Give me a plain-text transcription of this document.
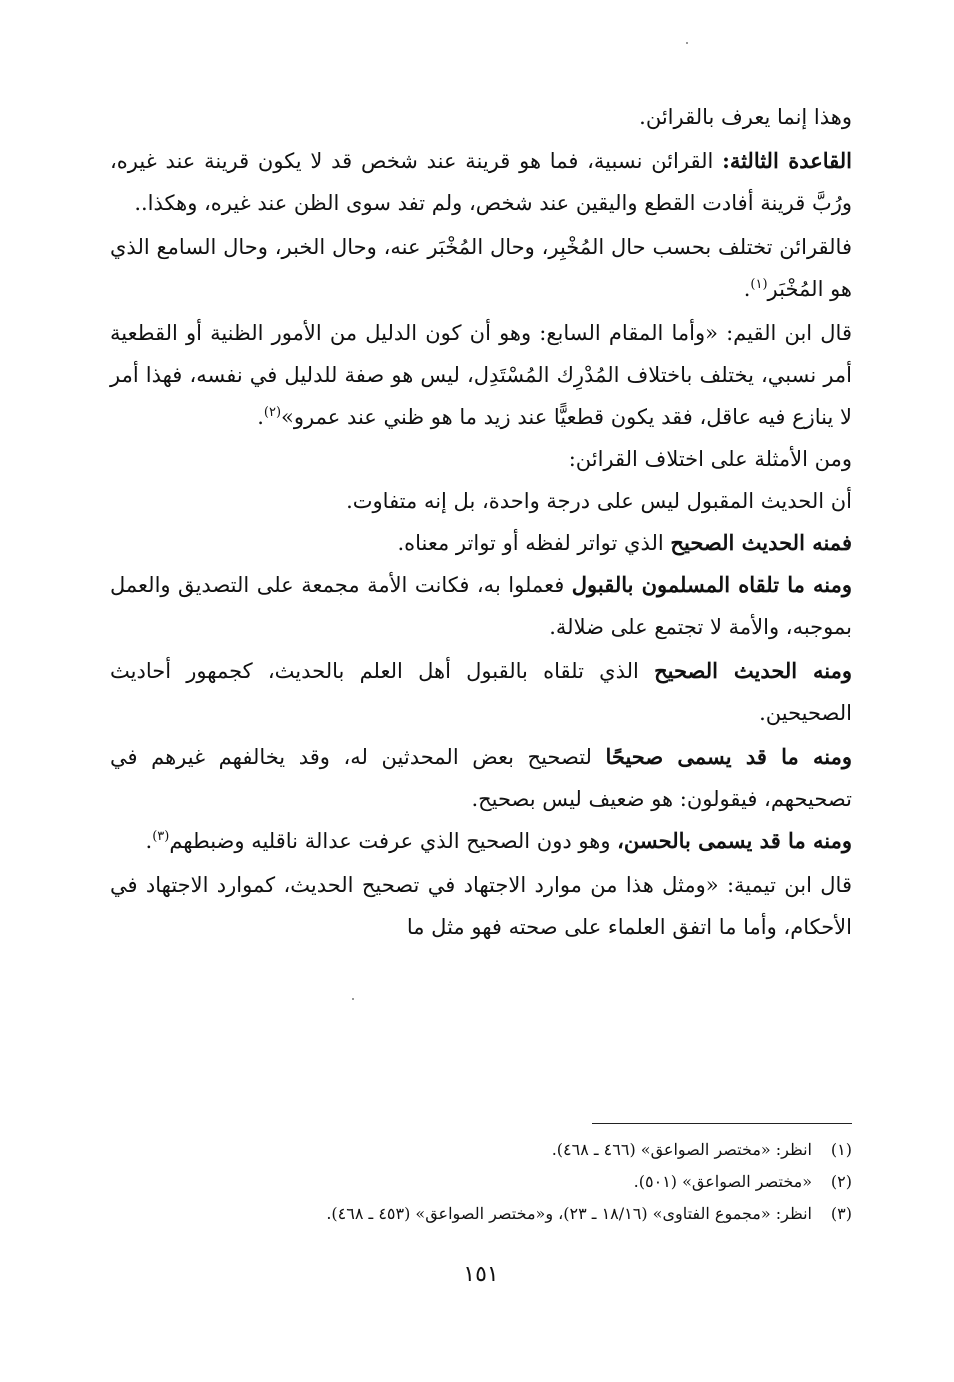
وهذا إنما يعرف بالقرائن.

القاعدة الثالثة: القرائن نسبية، فما هو قرينة عند شخص قد لا يكون قرينة عند غيره، ورُبَّ قرينة أفادت القطع واليقين عند شخص، ولم تفد سوى الظن عند غيره، وهكذا..

فالقرائن تختلف بحسب حال المُخْبِر، وحال المُخْبَر عنه، وحال الخبر، وحال السامع الذي هو المُخْبَر$^{(١)}$.

قال ابن القيم: «وأما المقام السابع: وهو أن كون الدليل من الأمور الظنية أو القطعية أمر نسبي، يختلف باختلاف المُدْرِك المُسْتَدِل، ليس هو صفة للدليل في نفسه، فهذا أمر لا ينازع فيه عاقل، فقد يكون قطعيًّا عند زيد ما هو ظني عند عمرو»$^{(٢)}$.

ومن الأمثلة على اختلاف القرائن:

أن الحديث المقبول ليس على درجة واحدة، بل إنه متفاوت.

فمنه الحديث الصحيح الذي تواتر لفظه أو تواتر معناه.

ومنه ما تلقاه المسلمون بالقبول فعملوا به، فكانت الأمة مجمعة على التصديق والعمل بموجبه، والأمة لا تجتمع على ضلالة.

ومنه الحديث الصحيح الذي تلقاه بالقبول أهل العلم بالحديث، كجمهور أحاديث الصحيحين.

ومنه ما قد يسمى صحيحًا لتصحيح بعض المحدثين له، وقد يخالفهم غيرهم في تصحيحهم، فيقولون: هو ضعيف ليس بصحيح.

ومنه ما قد يسمى بالحسن، وهو دون الصحيح الذي عرفت عدالة ناقليه وضبطهم$^{(٣)}$.

قال ابن تيمية: «ومثل هذا من موارد الاجتهاد في تصحيح الحديث، كموارد الاجتهاد في الأحكام، وأما ما اتفق العلماء على صحته فهو مثل ما

(١)انظر: «مختصر الصواعق» (٤٦٦ ـ ٤٦٨).
(٢)«مختصر الصواعق» (٥٠١).
(٣)انظر: «مجموع الفتاوى» (١٨/١٦ ـ ٢٣)، و«مختصر الصواعق» (٤٥٣ ـ ٤٦٨).
١٥١
